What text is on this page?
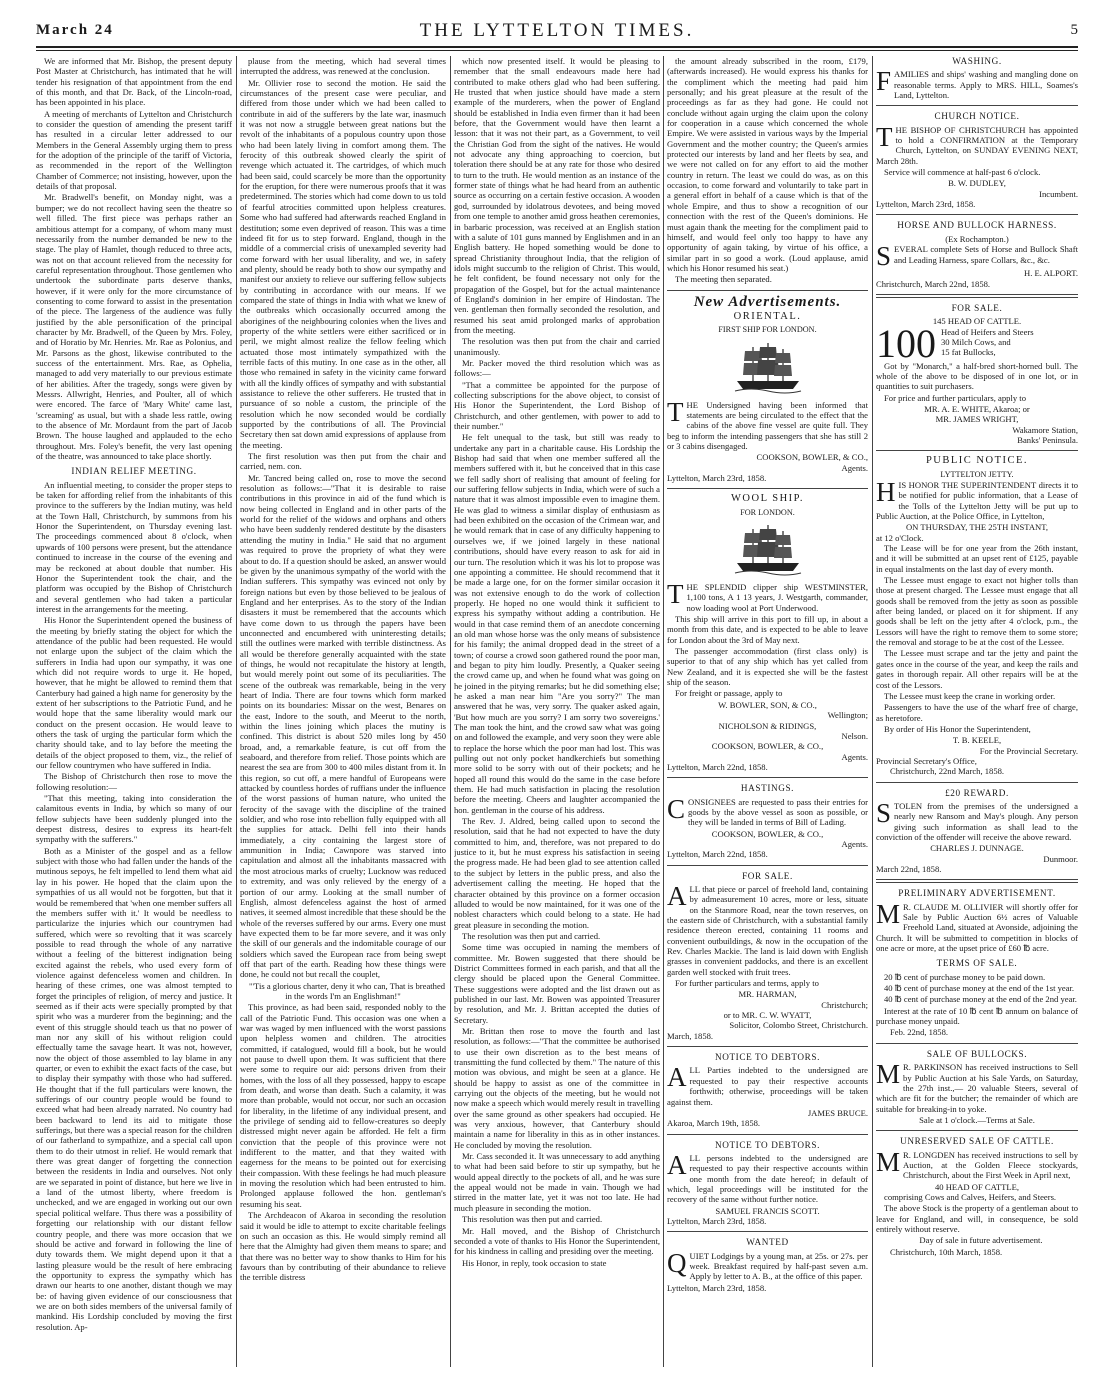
March 24	THE LYTTELTON TIMES.	5

We are informed that Mr. Bishop, the present deputy Post Master at Christchurch, has intimated that he will tender his resignation of that appointment from the end of this month, and that Dr. Back, of the Lincoln-road, has been appointed in his place.

A meeting of merchants of Lyttelton and Christchurch to consider the question of amending the present tariff has resulted in a circular letter addressed to our Members in the General Assembly urging them to press for the adoption of the principle of the tariff of Victoria, as recommended in the report of the Wellington Chamber of Commerce; not insisting, however, upon the details of that proposal.

Mr. Bradwell's benefit, on Monday night, was a bumper; we do not recollect having seen the theatre so well filled. The first piece was perhaps rather an ambitious attempt for a company, of whom many must necessarily from the number demanded be new to the stage. The play of Hamlet, though reduced to three acts, was not on that account relieved from the necessity for careful representation throughout. Those gentlemen who undertook the subordinate parts deserve thanks, however, if it were only for the more circumstance of consenting to come forward to assist in the presentation of the piece. The largeness of the audience was fully justified by the able personification of the principal character by Mr. Bradwell, of the Queen by Mrs. Foley, and of Horatio by Mr. Henries. Mr. Rae as Polonius, and Mr. Parsons as the ghost, likewise contributed to the success of the entertainment. Mrs. Rae, as Ophelia, managed to add very materially to our previous estimate of her abilities. After the tragedy, songs were given by Messrs. Allwright, Henries, and Poulter, all of which were encored. The farce of 'Mary White' came last, 'screaming' as usual, but with a shade less rattle, owing to the absence of Mr. Mordaunt from the part of Jacob Brown. The house laughed and applauded to the echo throughout. Mrs. Foley's benefit, the very last opening of the theatre, was announced to take place shortly.

INDIAN RELIEF MEETING.

An influential meeting, to consider the proper steps to be taken for affording relief from the inhabitants of this province to the sufferers by the Indian mutiny, was held at the Town Hall, Christchurch, by summons from his Honor the Superintendent, on Thursday evening last. The proceedings commenced about 8 o'clock, when upwards of 100 persons were present, but the attendance continued to increase in the course of the evening and may be reckoned at about double that number. His Honor the Superintendent took the chair, and the platform was occupied by the Bishop of Christchurch and several gentlemen who had taken a particular interest in the arrangements for the meeting.

His Honor the Superintendent opened the business of the meeting by briefly stating the object for which the attendance of the public had been requested. He would not enlarge upon the subject of the claim which the sufferers in India had upon our sympathy, it was one which did not require words to urge it. He hoped, however, that he might be allowed to remind them that Canterbury had gained a high name for generosity by the extent of her subscriptions to the Patriotic Fund, and he would hope that the same liberality would mark our conduct on the present occasion. He would leave to others the task of urging the particular form which the charity should take, and to lay before the meeting the details of the object proposed to them, viz., the relief of our fellow countrymen who have suffered in India.

The Bishop of Christchurch then rose to move the following resolution:—

"That this meeting, taking into consideration the calamitous events in India, by which so many of our fellow subjects have been suddenly plunged into the deepest distress, desires to express its heart-felt sympathy with the sufferers."

Both as a Minister of the gospel and as a fellow subject with those who had fallen under the hands of the mutinous sepoys, he felt impelled to lend them what aid lay in his power. He hoped that the claim upon the sympathies of us all would not be forgotten, but that it would be remembered that 'when one member suffers all the members suffer with it.' It would be needless to particularize the injuries which our countrymen had suffered, which were so revolting that it was scarcely possible to read through the whole of any narrative without a feeling of the bitterest indignation being excited against the rebels, who used every form of violence against defenceless women and children. In hearing of these crimes, one was almost tempted to forget the principles of religion, of mercy and justice. It seemed as if their acts were specially prompted by that spirit who was a murderer from the beginning; and the event of this struggle should teach us that no power of man nor any skill of his without religion could effectually tame the savage heart. It was not, however, now the object of those assembled to lay blame in any quarter, or even to exhibit the exact facts of the case, but to display their sympathy with those who had suffered. He thought that if the full particulars were known, the sufferings of our country people would be found to exceed what had been already narrated. No country had been backward to lend its aid to mitigate those sufferings, but there was a special reason for the children of our fatherland to sympathize, and a special call upon them to do their utmost in relief. He would remark that there was great danger of forgetting the connection between the residents in India and ourselves. Not only are we separated in point of distance, but here we live in a land of the utmost liberty, where freedom is unchecked, and we are engaged in working out our own special political welfare. Thus there was a possibility of forgetting our relationship with our distant fellow country people, and there was more occasion that we should be active and forward in following the line of duty towards them. We might depend upon it that a lasting pleasure would be the result of here embracing the opportunity to express the sympathy which has drawn our hearts to one another, distant though we may be: of having given evidence of our consciousness that we are on both sides members of the universal family of mankind. His Lordship concluded by moving the first resolution. Ap-

plause from the meeting, which had several times interrupted the address, was renewed at the conclusion.

Mr. Ollivier rose to second the motion. He said the circumstances of the present case were peculiar, and differed from those under which we had been called to contribute in aid of the sufferers by the late war, inasmuch it was not now a struggle between great nations but the revolt of the inhabitants of a populous country upon those who had been lately living in comfort among them. The ferocity of this outbreak showed clearly the spirit of revenge which actuated it. The cartridges, of which much had been said, could scarcely be more than the opportunity for the eruption, for there were numerous proofs that it was predetermined. The stories which had come down to us told of fearful atrocities committed upon helpless creatures. Some who had suffered had afterwards reached England in destitution; some even deprived of reason. This was a time indeed fit for us to step forward. England, though in the middle of a commercial crisis of unexampled severity had come forward with her usual liberality, and we, in safety and plenty, should be ready both to show our sympathy and manifest our anxiety to relieve our suffering fellow subjects by contributing in accordance with our means. If we compared the state of things in India with what we knew of the outbreaks which occasionally occurred among the aborigines of the neighbouring colonies when the lives and property of the white settlers were either sacrificed or in peril, we might almost realize the fellow feeling which actuated those most intimately sympathized with the terrible facts of this mutiny. In one case as in the other, all those who remained in safety in the vicinity came forward with all the kindly offices of sympathy and with substantial assistance to relieve the other sufferers. He trusted that in pursuance of so noble a custom, the principle of the resolution which he now seconded would be cordially supported by the contributions of all. The Provincial Secretary then sat down amid expressions of applause from the meeting.

The first resolution was then put from the chair and carried, nem. con.

Mr. Tancred being called on, rose to move the second resolution as follows:—"That it is desirable to raise contributions in this province in aid of the fund which is now being collected in England and in other parts of the world for the relief of the widows and orphans and others who have been suddenly rendered destitute by the disasters attending the mutiny in India." He said that no argument was required to prove the propriety of what they were about to do. If a question should be asked, an answer would be given by the unanimous sympathy of the world with the Indian sufferers. This sympathy was evinced not only by foreign nations but even by those believed to be jealous of England and her enterprises. As to the story of the Indian disasters it must be remembered that the accounts which have come down to us through the papers have been unconnected and encumbered with uninteresting details; still the outlines were marked with terrible distinctness. As all would be therefore generally acquainted with the state of things, he would not recapitulate the history at length, but would merely point out some of its peculiarities. The scene of the outbreak was remarkable, being in the very heart of India. There are four towns which form marked points on its boundaries: Missar on the west, Benares on the east, Indore to the south, and Meerut to the north, within the lines joining which places the mutiny is confined. This district is about 520 miles long by 450 broad, and, a remarkable feature, is cut off from the seaboard, and therefore from relief. Those points which are nearest the sea are from 300 to 400 miles distant from it. In this region, so cut off, a mere handful of Europeans were attacked by countless hordes of ruffians under the influence of the worst passions of human nature, who united the ferocity of the savage with the discipline of the trained soldier, and who rose into rebellion fully equipped with all the supplies for attack. Delhi fell into their hands immediately, a city containing the largest store of ammunition in India; Cawnpore was starved into capitulation and almost all the inhabitants massacred with the most atrocious marks of cruelty; Lucknow was reduced to extremity, and was only relieved by the energy of a portion of our army. Looking at the small number of English, almost defenceless against the host of armed natives, it seemed almost incredible that these should be the whole of the reverses suffered by our arms. Every one must have expected them to be far more severe, and it was only the skill of our generals and the indomitable courage of our soldiers which saved the European race from being swept off that part of the earth. Reading how these things were done, he could not but recall the couplet,

"'Tis a glorious charter, deny it who can, That is breathed in the words I'm an Englishman!"

This province, as had been said, responded nobly to the call of the Patriotic Fund. This occasion was one when a war was waged by men influenced with the worst passions upon helpless women and children. The atrocities committed, if catalogued, would fill a book, but he would not pause to dwell upon them. It was sufficient that there were some to require our aid: persons driven from their homes, with the loss of all they possessed, happy to escape from death, and worse than death. Such a calamity, it was more than probable, would not occur, nor such an occasion for liberality, in the lifetime of any individual present, and the privilege of sending aid to fellow-creatures so deeply distressed might never again be afforded. He felt a firm conviction that the people of this province were not indifferent to the matter, and that they waited with eagerness for the means to be pointed out for exercising their compassion. With these feelings he had much pleasure in moving the resolution which had been entrusted to him. Prolonged applause followed the hon. gentleman's resuming his seat.

The Archdeacon of Akaroa in seconding the resolution said it would be idle to attempt to excite charitable feelings on such an occasion as this. He would simply remind all here that the Almighty had given them means to spare; and that there was no better way to show thanks to Him for his favours than by contributing of their abundance to relieve the terrible distress

which now presented itself. It would be pleasing to remember that the small endeavours made here had contributed to make others glad who had been suffering. He trusted that when justice should have made a stern example of the murderers, when the power of England should be established in India even firmer than it had been before, that the Government would have then learnt a lesson: that it was not their part, as a Government, to veil the Christian God from the sight of the natives. He would not advocate any thing approaching to coercion, but toleration there should be at any rate for those who desired to turn to the truth. He would mention as an instance of the former state of things what he had heard from an authentic source as occurring on a certain festive occasion. A wooden god, surrounded by idolatrous devotees, and being moved from one temple to another amid gross heathen ceremonies, in barbaric procession, was received at an English station with a salute of 101 guns manned by Englishmen and in an English battery. He hoped something would be done to spread Christianity throughout India, that the religion of idols might succumb to the religion of Christ. This would, he felt confident, be found necessary not only for the propagation of the Gospel, but for the actual maintenance of England's dominion in her empire of Hindostan. The ven. gentleman then formally seconded the resolution, and resumed his seat amid prolonged marks of approbation from the meeting.

The resolution was then put from the chair and carried unanimously.

Mr. Packer moved the third resolution which was as follows:—

"That a committee be appointed for the purpose of collecting subscriptions for the above object, to consist of His Honor the Superintendent, the Lord Bishop of Christchurch, and other gentlemen, with power to add to their number."

He felt unequal to the task, but still was ready to undertake any part in a charitable cause. His Lordship the Bishop had said that when one member suffered all the members suffered with it, but he conceived that in this case we fell sadly short of realising that amount of feeling for our suffering fellow subjects in India, which were of such a nature that it was almost impossible even to imagine them. He was glad to witness a similar display of enthusiasm as had been exhibited on the occasion of the Crimean war, and he would remark that in case of any difficulty happening to ourselves we, if we joined largely in these national contributions, should have every reason to ask for aid in our turn. The resolution which it was his lot to propose was one appointing a committee. He should recommend that it be made a large one, for on the former similar occasion it was not extensive enough to do the work of collection properly. He hoped no one would think it sufficient to express his sympathy without adding a contribution. He would in that case remind them of an anecdote concerning an old man whose horse was the only means of subsistence for his family; the animal dropped dead in the street of a town; of course a crowd soon gathered round the poor man, and began to pity him loudly. Presently, a Quaker seeing the crowd came up, and when he found what was going on he joined in the pitying remarks; but he did something else; he asked a man near him "Are you sorry?" The man answered that he was, very sorry. The quaker asked again, 'But how much are you sorry? I am sorry two sovereigns.' The man took the hint, and the crowd saw what was going on and followed the example, and very soon they were able to replace the horse which the poor man had lost. This was pulling out not only pocket handkerchiefs but something more solid to be sorry with out of their pockets; and he hoped all round this would do the same in the case before them. He had much satisfaction in placing the resolution before the meeting. Cheers and laughter accompanied the hon. gentleman in the course of his address.

The Rev. J. Aldred, being called upon to second the resolution, said that he had not expected to have the duty committed to him, and, therefore, was not prepared to do justice to it, but he must express his satisfaction in seeing the progress made. He had been glad to see attention called to the subject by letters in the public press, and also the advertisement calling the meeting. He hoped that the character obtained by this province on a former occasion alluded to would be now maintained, for it was one of the noblest characters which could belong to a state. He had great pleasure in seconding the motion.

The resolution was then put and carried.

Some time was occupied in naming the members of committee. Mr. Bowen suggested that there should be District Committees formed in each parish, and that all the clergy should be placed upon the General Committee. These suggestions were adopted and the list drawn out as published in our last. Mr. Bowen was appointed Treasurer by resolution, and Mr. J. Brittan accepted the duties of Secretary.

Mr. Brittan then rose to move the fourth and last resolution, as follows:—"That the committee be authorised to use their own discretion as to the best means of transmitting the fund collected by them." The nature of this motion was obvious, and might be seen at a glance. He should be happy to assist as one of the committee in carrying out the objects of the meeting, but he would not now make a speech which would merely result in travelling over the same ground as other speakers had occupied. He was very anxious, however, that Canterbury should maintain a name for liberality in this as in other instances. He concluded by moving the resolution.

Mr. Cass seconded it. It was unnecessary to add anything to what had been said before to stir up sympathy, but he would appeal directly to the pockets of all, and he was sure the appeal would not be made in vain. Though we had stirred in the matter late, yet it was not too late. He had much pleasure in seconding the motion.

This resolution was then put and carried.

Mr. Hall moved, and the Bishop of Christchurch seconded a vote of thanks to His Honor the Superintendent, for his kindness in calling and presiding over the meeting.

His Honor, in reply, took occasion to state

the amount already subscribed in the room, £179, (afterwards increased). He would express his thanks for the compliment which the meeting had paid him personally; and his great pleasure at the result of the proceedings as far as they had gone. He could not conclude without again urging the claim upon the colony for cooperation in a cause which concerned the whole Empire. We were assisted in various ways by the Imperial Government and the mother country; the Queen's armies protected our interests by land and her fleets by sea, and we were not called on for any effort to aid the mother country in return. The least we could do was, as on this occasion, to come forward and voluntarily to take part in a general effort in behalf of a cause which is that of the whole Empire, and thus to show a recognition of our connection with the rest of the Queen's dominions. He must again thank the meeting for the compliment paid to himself, and would feel only too happy to have any opportunity of again taking, by virtue of his office, a similar part in so good a work. (Loud applause, amid which his Honor resumed his seat.)

The meeting then separated.

New Advertisements.
ORIENTAL.
FIRST SHIP FOR LONDON.
T HE Undersigned having been informed that statements are being circulated to the effect that the cabins of the above fine vessel are quite full. They beg to inform the intending passengers that she has still 2 or 3 cabins disengaged.
COOKSON, BOWLER, & CO.,
Agents.
Lyttelton, March 23rd, 1858.
WOOL SHIP.
FOR LONDON.
T HE SPLENDID clipper ship WESTMINSTER, 1,100 tons, A 1 13 years, J. Westgarth, commander, now loading wool at Port Underwood.

This ship will arrive in this port to fill up, in about a month from this date, and is expected to be able to leave for London about the 3rd of May next.

The passenger accommodation (first class only) is superior to that of any ship which has yet called from New Zealand, and it is expected she will be the fastest ship of the season.

For freight or passage, apply to

W. BOWLER, SON, & CO.,
Wellington;
NICHOLSON & RIDINGS,
Nelson.
COOKSON, BOWLER, & CO.,
Agents.
Lyttelton, March 22nd, 1858.
HASTINGS.
C ONSIGNEES are requested to pass their entries for goods by the above vessel as soon as possible, or they will be landed in terms of Bill of Lading.
COOKSON, BOWLER, & CO.,
Agents.
Lyttelton, March 22nd, 1858.
FOR SALE.
A LL that piece or parcel of freehold land, containing by admeasurement 10 acres, more or less, situate on the Stanmore Road, near the town reserves, on the eastern side of Christchurch, with a substantial family residence thereon erected, containing 11 rooms and convenient outbuildings, & now in the occupation of the Rev. Charles Mackie. The land is laid down with English grasses in convenient paddocks, and there is an excellent garden well stocked with fruit trees.

For further particulars and terms, apply to

MR. HARMAN,
Christchurch;
or to MR. C. W. WYATT,
Solicitor, Colombo Street, Christchurch.
March, 1858.
NOTICE TO DEBTORS.
A LL Parties indebted to the undersigned are requested to pay their respective accounts forthwith; otherwise, proceedings will be taken against them.
JAMES BRUCE.
Akaroa, March 19th, 1858.
NOTICE TO DEBTORS.
A LL persons indebted to the undersigned are requested to pay their respective accounts within one month from the date hereof; in default of which, legal proceedings will be instituted for the recovery of the same without further notice.
SAMUEL FRANCIS SCOTT.
Lyttelton, March 23rd, 1858.
WANTED
Q UIET Lodgings by a young man, at 25s. or 27s. per week. Breakfast required by half-past seven a.m. Apply by letter to A. B., at the office of this paper.
Lyttelton, March 23rd, 1858.
WASHING.
F AMILIES and ships' washing and mangling done on reasonable terms. Apply to MRS. HILL, Soames's Land, Lyttelton.
CHURCH NOTICE.
T HE BISHOP OF CHRISTCHURCH has appointed to hold a CONFIRMATION at the Temporary Church, Lyttelton, on SUNDAY EVENING NEXT, March 28th.

Service will commence at half-past 6 o'clock.

B. W. DUDLEY,
Incumbent.
Lyttelton, March 23rd, 1858.
HORSE AND BULLOCK HARNESS.
(Ex Rochampton.)
S EVERAL complete Sets of Horse and Bullock Shaft and Leading Harness, spare Collars, &c., &c.
H. E. ALPORT.
Christchurch, March 22nd, 1858.
FOR SALE.
145 HEAD OF CATTLE.
100 Head of Heifers and Steers
30 Milch Cows, and
15 fat Bullocks,

Got by "Monarch," a half-bred short-horned bull. The whole of the above to be disposed of in one lot, or in quantities to suit purchasers.

For price and further particulars, apply to

MR. A. E. WHITE, Akaroa; or
MR. JAMES WRIGHT,
Wakamore Station,
Banks' Peninsula.
PUBLIC NOTICE.
LYTTELTON JETTY.
H IS HONOR THE SUPERINTENDENT directs it to be notified for public information, that a Lease of the Tolls of the Lyttelton Jetty will be put up to Public Auction, at the Police Office, in Lyttelton,
ON THURSDAY, THE 25TH INSTANT,
at 12 o'Clock.

The Lease will be for one year from the 26th instant, and it will be submitted at an upset rent of £125, payable in equal instalments on the last day of every month.

The Lessee must engage to exact not higher tolls than those at present charged. The Lessee must engage that all goods shall be removed from the jetty as soon as possible after being landed, or placed on it for shipment. If any goods shall be left on the jetty after 4 o'clock, p.m., the Lessors will have the right to remove them to some store; the removal and storage to be at the cost of the Lessee.

The Lessee must scrape and tar the jetty and paint the gates once in the course of the year, and keep the rails and gates in thorough repair. All other repairs will be at the cost of the Lessors.

The Lessee must keep the crane in working order.

Passengers to have the use of the wharf free of charge, as heretofore.

By order of His Honor the Superintendent,

T. B. KEELE,
For the Provincial Secretary.
Provincial Secretary's Office,
Christchurch, 22nd March, 1858.
£20 REWARD.
S TOLEN from the premises of the undersigned a nearly new Ransom and May's plough. Any person giving such information as shall lead to the conviction of the offender will receive the above reward.
CHARLES J. DUNNAGE.
Dunmoor.
March 22nd, 1858.
PRELIMINARY ADVERTISEMENT.
M R. CLAUDE M. OLLIVIER will shortly offer for Sale by Public Auction 6½ acres of Valuable Freehold Land, situated at Avonside, adjoining the Church. It will be submitted to competition in blocks of one acre or more, at the upset price of £60 ℔ acre.
TERMS OF SALE.

20 ℔ cent of purchase money to be paid down.

40 ℔ cent of purchase money at the end of the 1st year.

40 ℔ cent of purchase money at the end of the 2nd year.

Interest at the rate of 10 ℔ cent ℔ annum on balance of purchase money unpaid.

Feb. 22nd, 1858.
SALE OF BULLOCKS.
M R. PARKINSON has received instructions to Sell by Public Auction at his Sale Yards, on Saturday, the 27th inst.,— 20 valuable Steers, several of which are fit for the butcher; the remainder of which are suitable for breaking-in to yoke.
Sale at 1 o'clock.—Terms at Sale.
UNRESERVED SALE OF CATTLE.
M R. LONGDEN has received instructions to sell by Auction, at the Golden Fleece stockyards, Christchurch, about the First Week in April next,
40 HEAD OF CATTLE,

comprising Cows and Calves, Heifers, and Steers.

The above Stock is the property of a gentleman about to leave for England, and will, in consequence, be sold entirely without reserve.

Day of sale in future advertisement.

Christchurch, 10th March, 1858.
